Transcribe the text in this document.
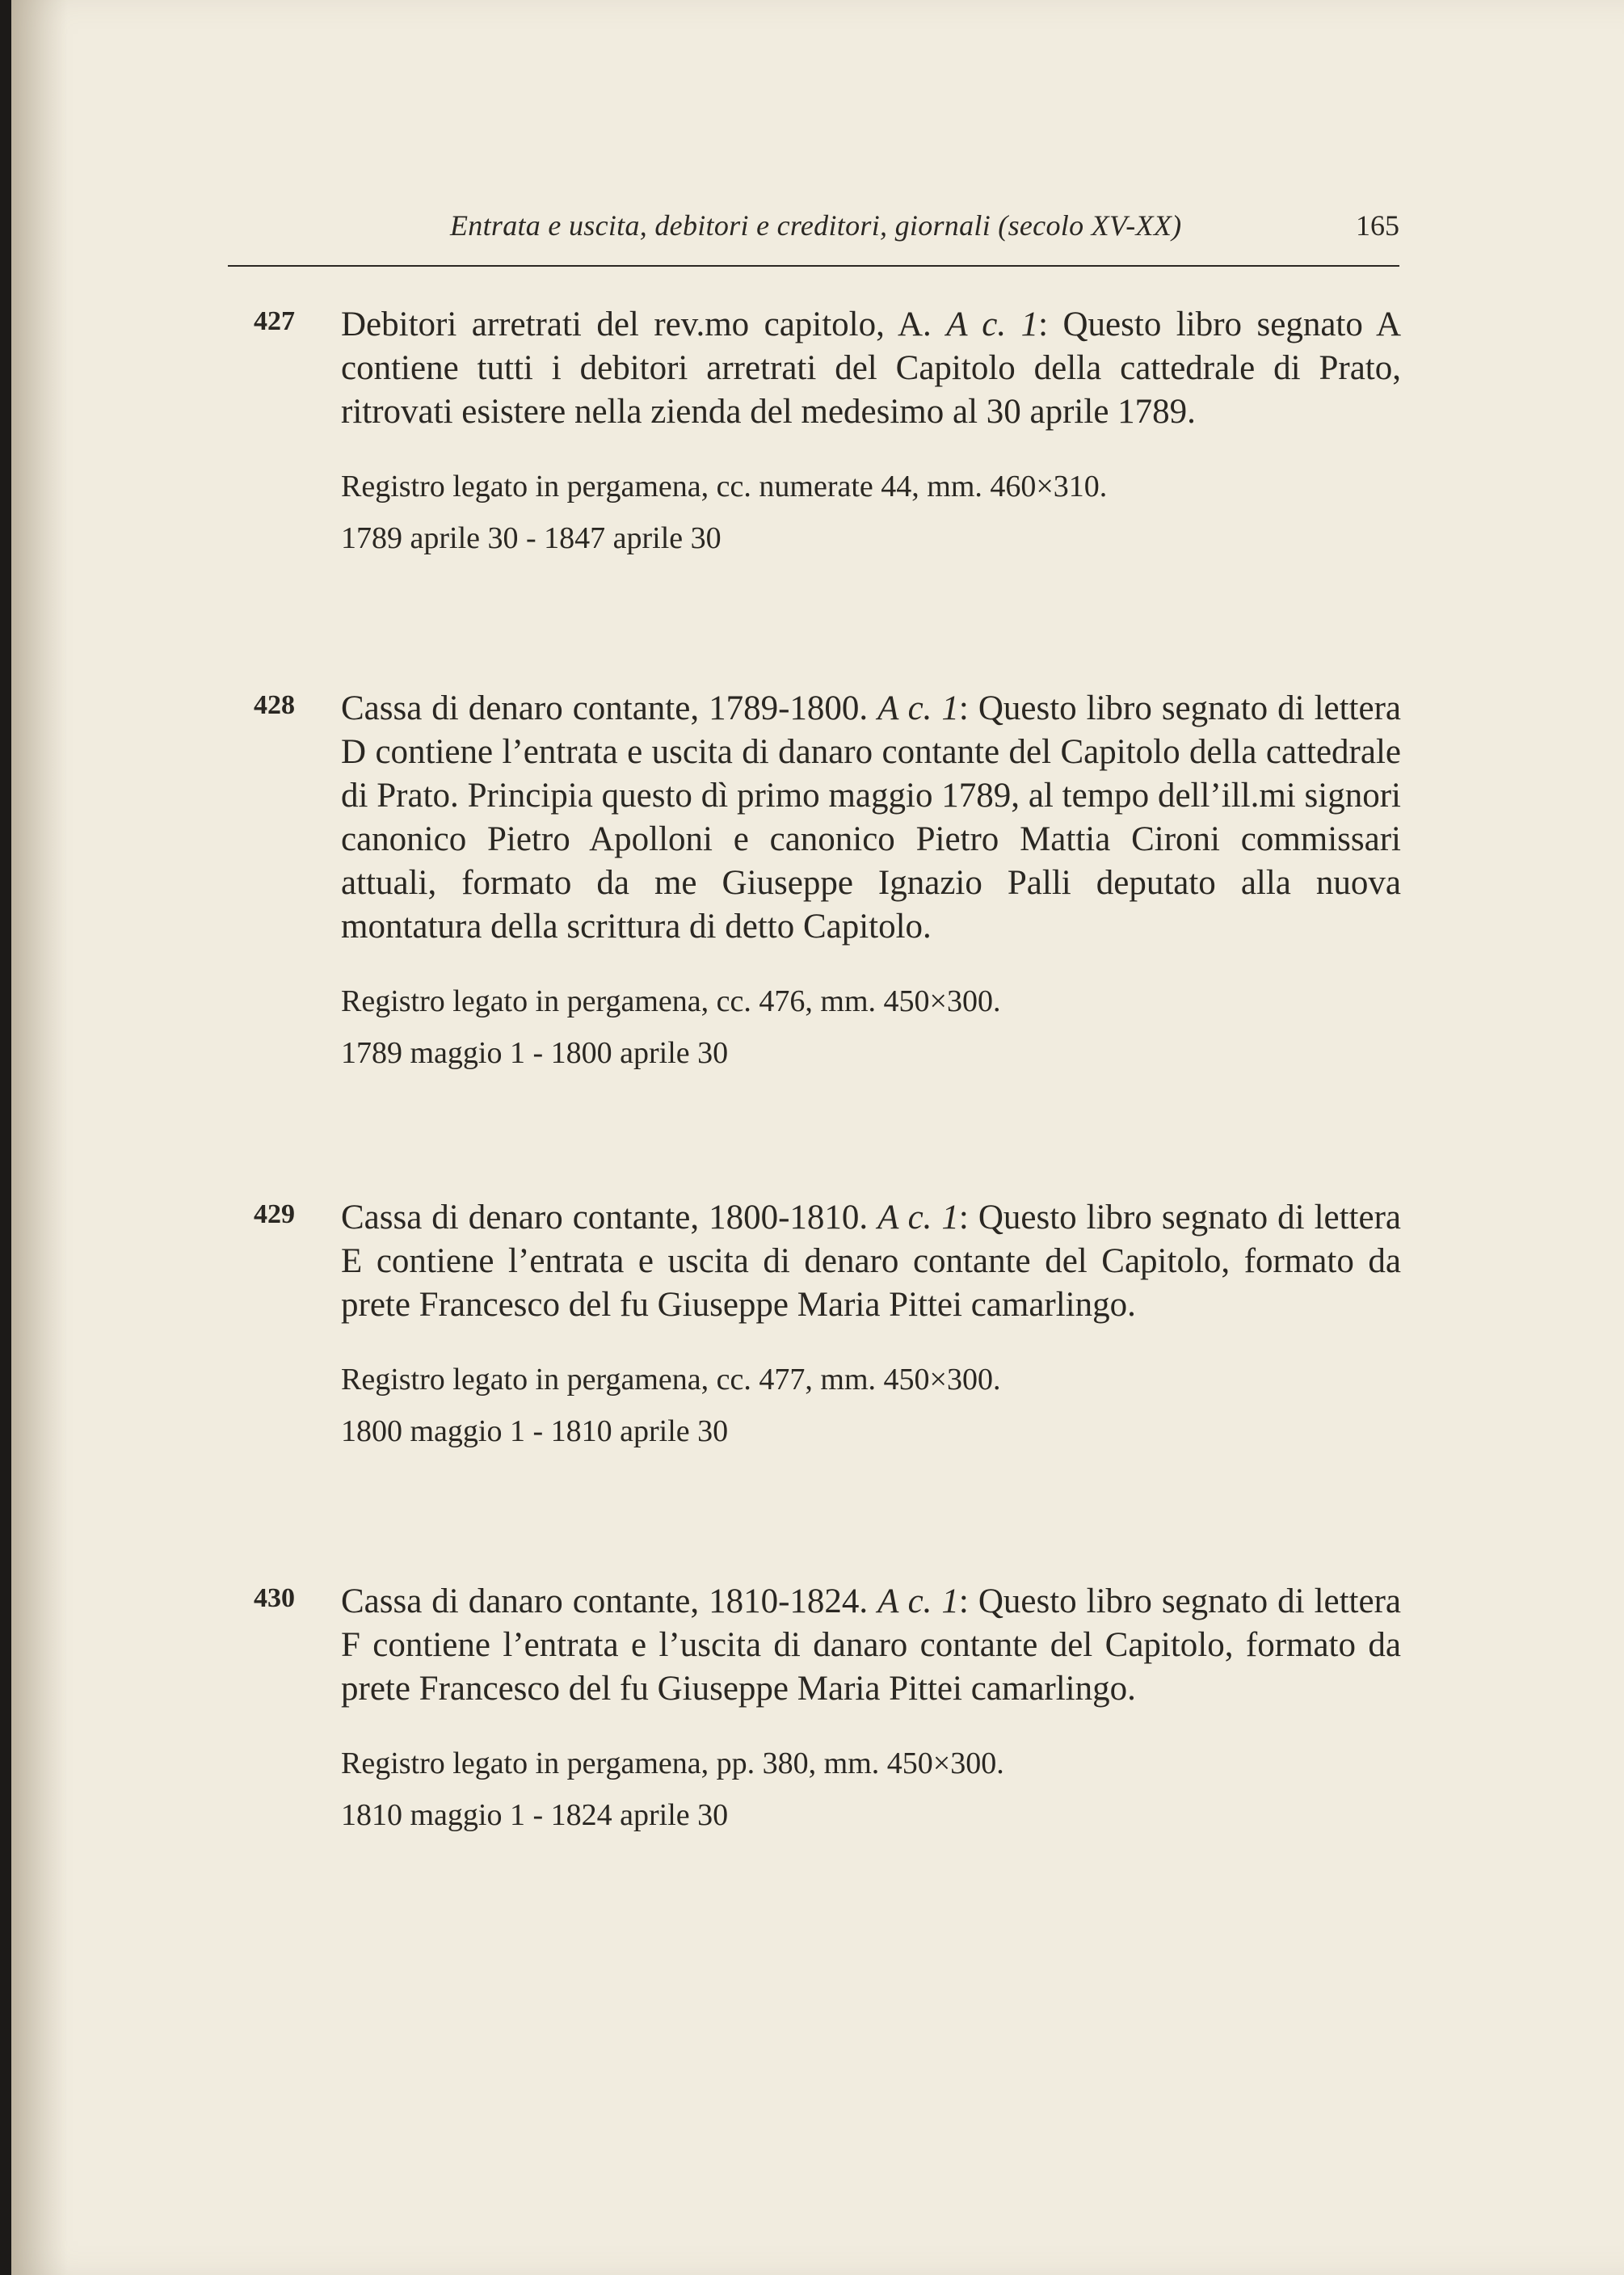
Entrata e uscita, debitori e creditori, giornali (secolo XV-XX)	165
427 Debitori arretrati del rev.mo capitolo, A. A c. 1: Questo libro segnato A contiene tutti i debitori arretrati del Capitolo della cattedrale di Prato, ritrovati esistere nella zienda del medesimo al 30 aprile 1789.

Registro legato in pergamena, cc. numerate 44, mm. 460×310.

1789 aprile 30 - 1847 aprile 30

428 Cassa di denaro contante, 1789-1800. A c. 1: Questo libro segnato di lettera D contiene l’entrata e uscita di danaro contante del Capitolo della cattedrale di Prato. Principia questo dì primo maggio 1789, al tempo dell’ill.mi signori canonico Pietro Apolloni e canonico Pietro Mattia Cironi commissari attuali, formato da me Giuseppe Ignazio Palli deputato alla nuova montatura della scrittura di detto Capitolo.

Registro legato in pergamena, cc. 476, mm. 450×300.

1789 maggio 1 - 1800 aprile 30

429 Cassa di denaro contante, 1800-1810. A c. 1: Questo libro segnato di lettera E contiene l’entrata e uscita di denaro contante del Capitolo, formato da prete Francesco del fu Giuseppe Maria Pittei camarlingo.

Registro legato in pergamena, cc. 477, mm. 450×300.

1800 maggio 1 - 1810 aprile 30

430 Cassa di danaro contante, 1810-1824. A c. 1: Questo libro segnato di lettera F contiene l’entrata e l’uscita di danaro contante del Capitolo, formato da prete Francesco del fu Giuseppe Maria Pittei camarlingo.

Registro legato in pergamena, pp. 380, mm. 450×300.

1810 maggio 1 - 1824 aprile 30
